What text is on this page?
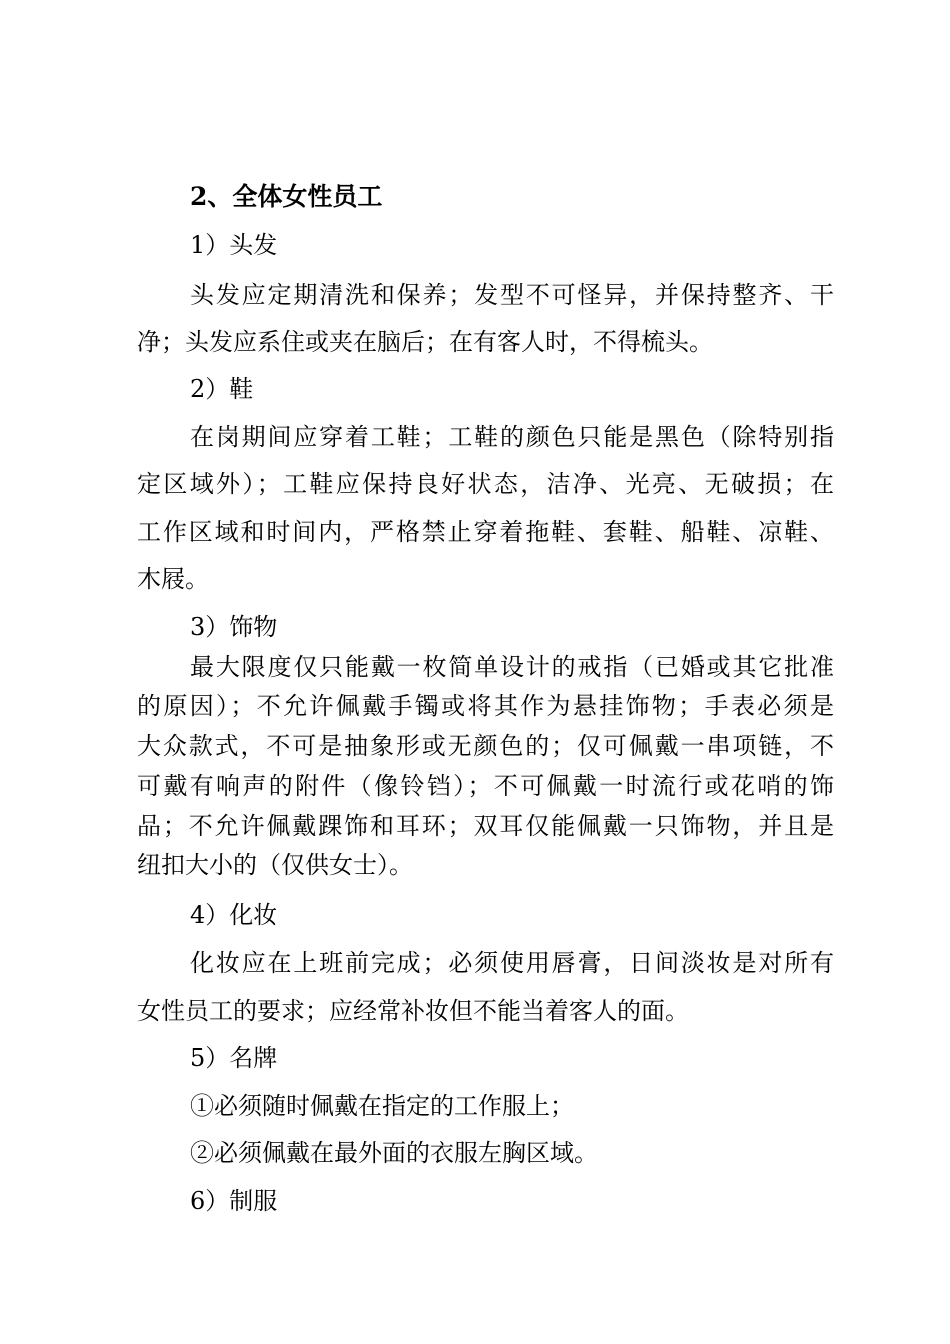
2、全体女性员工

1）头发

头发应定期清洗和保养；发型不可怪异，并保持整齐、干

净；头发应系住或夹在脑后；在有客人时，不得梳头。

2）鞋

在岗期间应穿着工鞋；工鞋的颜色只能是黑色（除特别指

定区域外）；工鞋应保持良好状态，洁净、光亮、无破损；在

工作区域和时间内，严格禁止穿着拖鞋、套鞋、船鞋、凉鞋、

木屐。

3）饰物

最大限度仅只能戴一枚简单设计的戒指（已婚或其它批准

的原因）；不允许佩戴手镯或将其作为悬挂饰物；手表必须是

大众款式，不可是抽象形或无颜色的；仅可佩戴一串项链，不

可戴有响声的附件（像铃铛）；不可佩戴一时流行或花哨的饰

品；不允许佩戴踝饰和耳环；双耳仅能佩戴一只饰物，并且是

纽扣大小的（仅供女士）。

4）化妆

化妆应在上班前完成；必须使用唇膏，日间淡妆是对所有

女性员工的要求；应经常补妆但不能当着客人的面。

5）名牌

①必须随时佩戴在指定的工作服上；

②必须佩戴在最外面的衣服左胸区域。

6）制服
